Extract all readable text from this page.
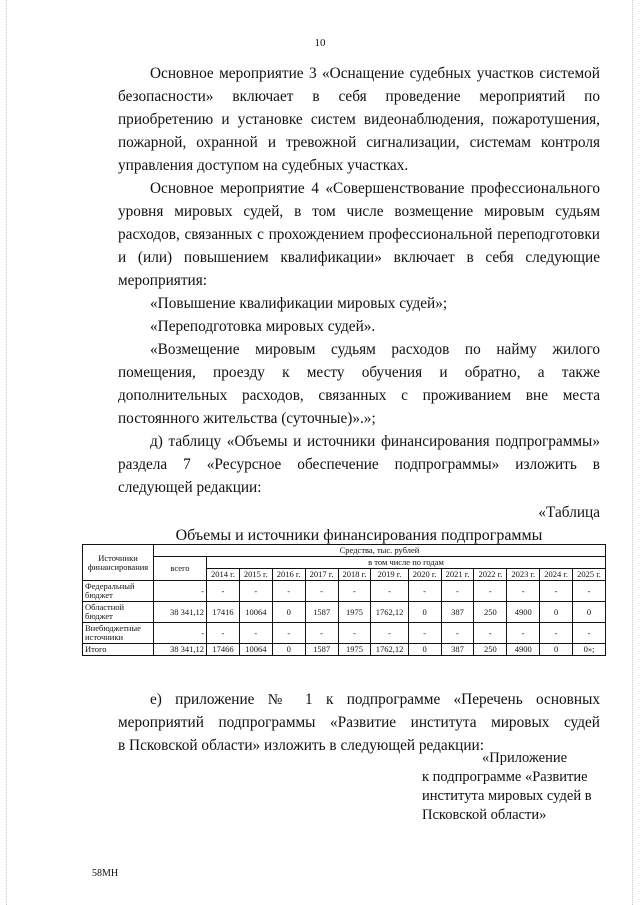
10

Основное мероприятие 3 «Оснащение судебных участков системой

безопасности» включает в себя проведение мероприятий по

приобретению и установке систем видеонаблюдения, пожаротушения,

пожарной, охранной и тревожной сигнализации, системам контроля

управления доступом на судебных участках.

Основное мероприятие 4 «Совершенствование профессионального

уровня мировых судей, в том числе возмещение мировым судьям

расходов, связанных с прохождением профессиональной переподготовки

и (или) повышением квалификации» включает в себя следующие

мероприятия:

«Повышение квалификации мировых судей»;

«Переподготовка мировых судей».

«Возмещение мировым судьям расходов по найму жилого

помещения, проезду к месту обучения и обратно, а также

дополнительных расходов, связанных с проживанием вне места

постоянного жительства (суточные)».»;

д) таблицу «Объемы и источники финансирования подпрограммы»

раздела 7 «Ресурсное обеспечение подпрограммы» изложить в

следующей редакции:

«Таблица
Объемы и источники финансирования подпрограммы
Источники финансирования	Средства, тыс. рублей												
	всего	в том числе по годам											
		2014 г.	2015 г.	2016 г.	2017 г.	2018 г.	2019 г.	2020 г.	2021 г.	2022 г.	2023 г.	2024 г.	2025 г.
Федеральный бюджет	-	-	-	-	-	-	-	-	-	-	-	-	-
Областной бюджет	38 341,12	17416	10064	0	1587	1975	1762,12	0	387	250	4900	0	0
Внебюджетные источники	-	-	-	-	-	-	-	-	-	-	-	-	-
Итого	38 341,12	17466	10064	0	1587	1975	1762,12	0	387	250	4900	0	0»;

е) приложение № 1 к подпрограмме «Перечень основных

мероприятий подпрограммы «Развитие института мировых судей

в Псковской области» изложить в следующей редакции:

«Приложение
к подпрограмме «Развитие
института мировых судей в
Псковской области»
58МН
